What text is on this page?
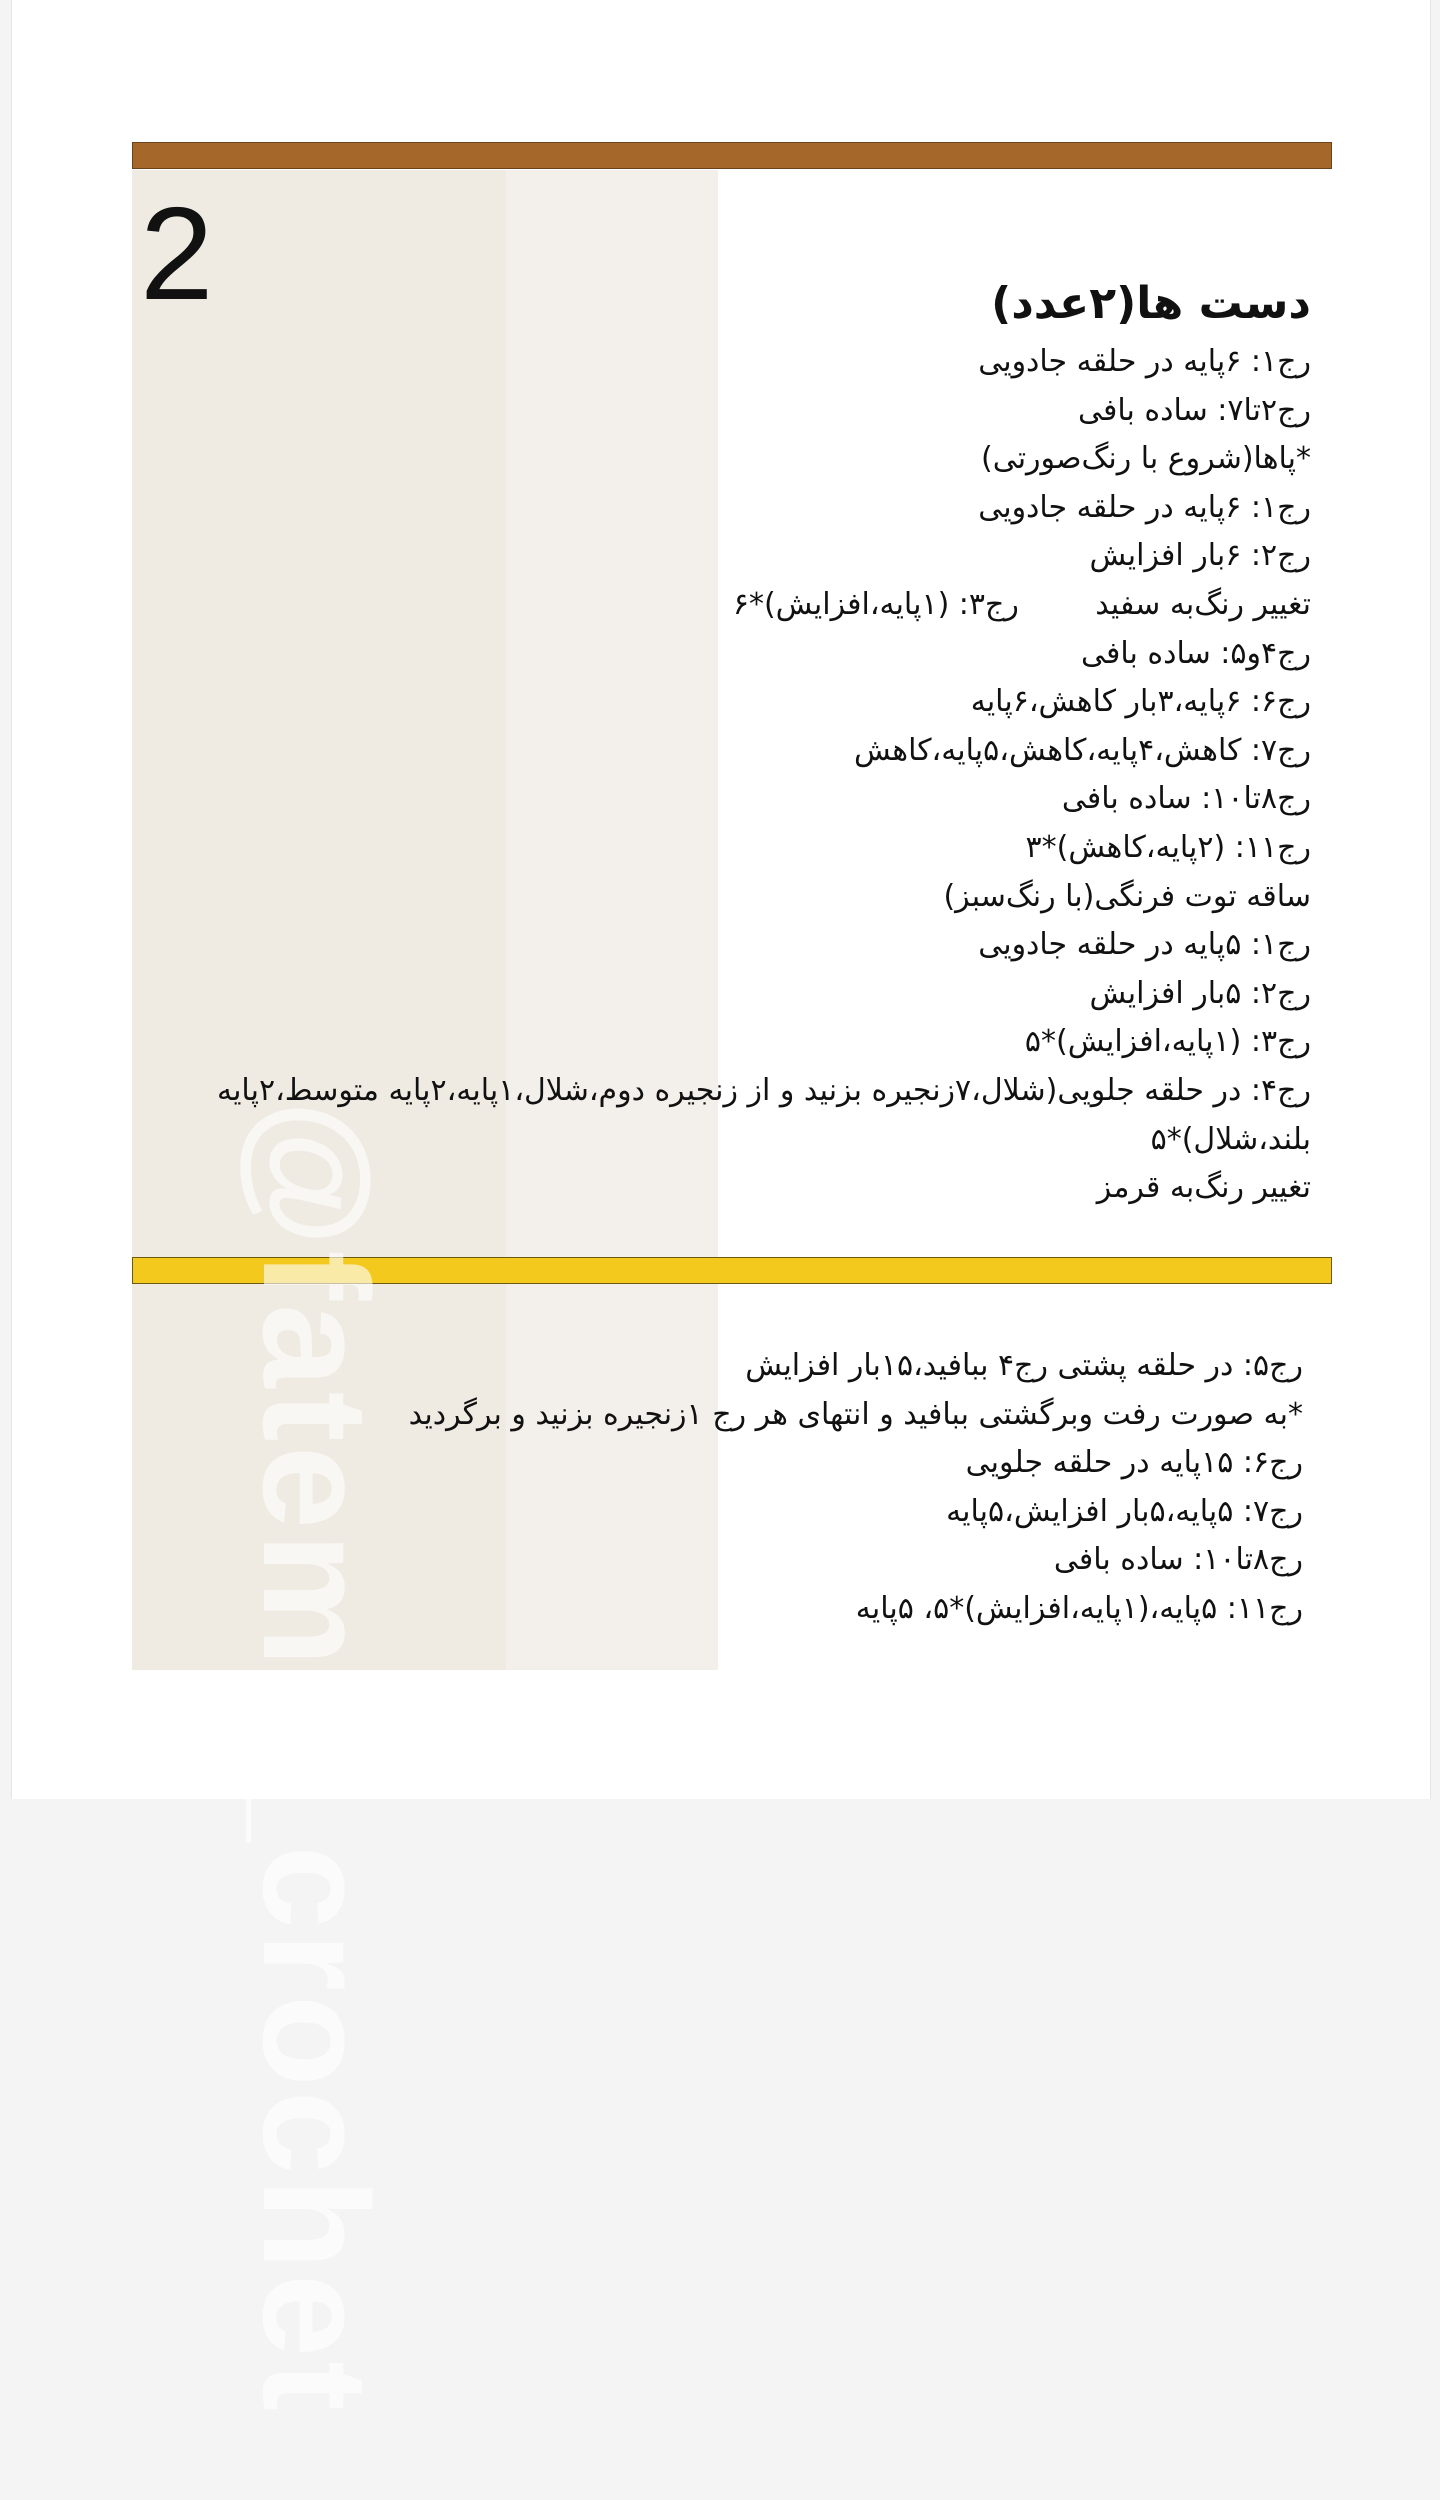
2
@fateme_crochet
دست ها(۲عدد)
رج۱: ۶پایه در حلقه جادویی
رج۲تا۷: ساده بافی
*پاها(شروع با رنگ‌صورتی)
رج۱: ۶پایه در حلقه جادویی
رج۲: ۶بار افزایش
تغییر رنگ‌به سفید        رج۳: (۱پایه،افزایش)*۶
رج۴و۵: ساده بافی
رج۶: ۶پایه،۳بار کاهش،۶پایه
رج۷: کاهش،۴پایه،کاهش،۵پایه،کاهش
رج۸تا۱۰: ساده بافی
رج۱۱: (۲پایه،کاهش)*۳
ساقه توت فرنگی(با رنگ‌سبز)
رج۱: ۵پایه در حلقه جادویی
رج۲: ۵بار افزایش
رج۳: (۱پایه،افزایش)*۵
رج۴: در حلقه جلویی(شلال،۷زنجیره بزنید و از زنجیره دوم،شلال،۱پایه،۲پایه متوسط،۲پایه بلند،شلال)*۵
تغییر رنگ‌به قرمز
رج۵: در حلقه پشتی رج۴ ببافید،۱۵بار افزایش
*به صورت رفت وبرگشتی ببافید و انتهای هر رج ۱زنجیره بزنید و برگردید
رج۶: ۱۵پایه در حلقه جلویی
رج۷: ۵پایه،۵بار افزایش،۵پایه
رج۸تا۱۰: ساده بافی
رج۱۱: ۵پایه،(۱پایه،افزایش)*۵، ۵پایه
